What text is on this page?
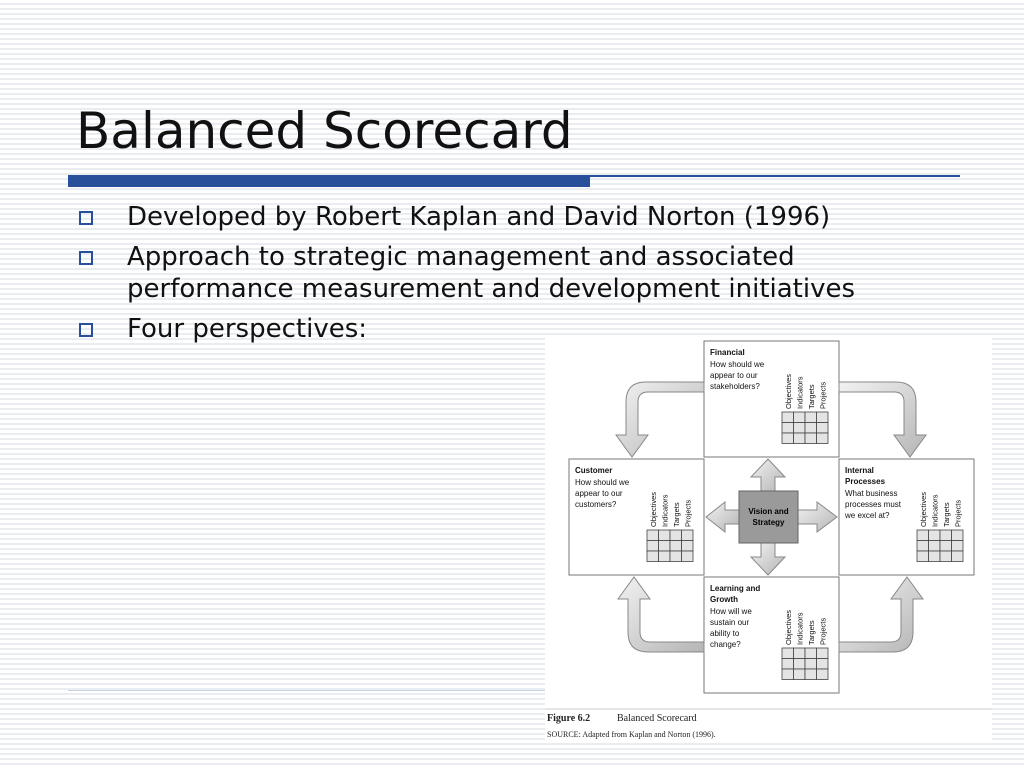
Balanced Scorecard
Developed by Robert Kaplan and David Norton (1996)
Approach to strategic management and associated performance measurement and development initiatives
Four perspectives:
Vision and
Strategy
Financial
How should we
appear to our
stakeholders?
Customer
How should we
appear to our
customers?
Internal
Processes
What business
processes must
we excel at?
Learning and
Growth
How will we
sustain our
ability to
change?
Objectives Indicators Targets Projects
Objectives Indicators Targets Projects	Objectives Indicators Targets Projects
Objectives Indicators Targets Projects
Figure 6.2	Balanced Scorecard
SOURCE: Adapted from Kaplan and Norton (1996).
